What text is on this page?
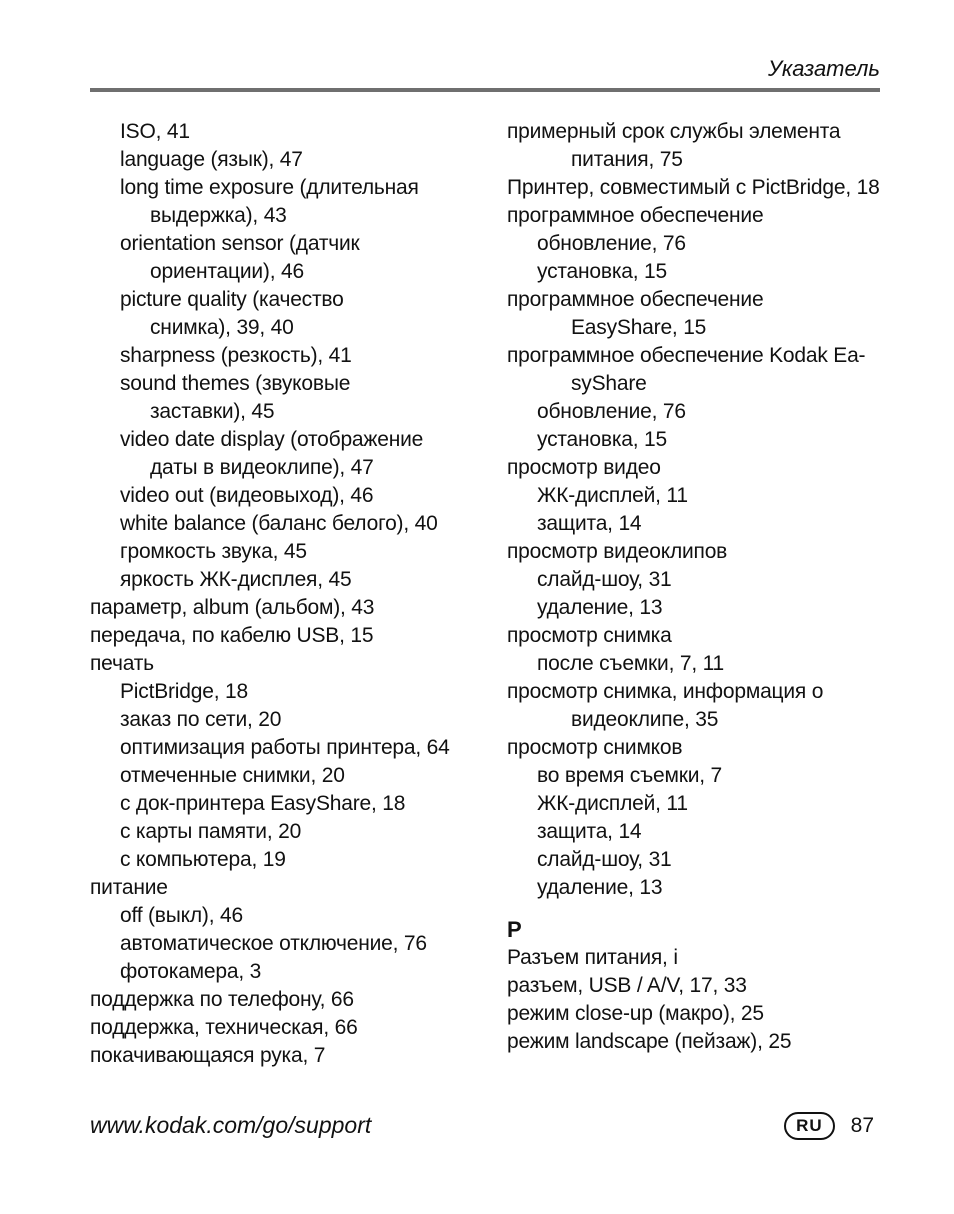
Указатель
ISO, 41
language (язык), 47
long time exposure (длительная
выдержка), 43
orientation sensor (датчик
ориентации), 46
picture quality (качество
снимка), 39, 40
sharpness (резкость), 41
sound themes (звуковые
заставки), 45
video date display (отображение
даты в видеоклипе), 47
video out (видеовыход), 46
white balance (баланс белого), 40
громкость звука, 45
яркость ЖК-дисплея, 45
параметр, album (альбом), 43
передача, по кабелю USB, 15
печать
PictBridge, 18
заказ по сети, 20
оптимизация работы принтера, 64
отмеченные снимки, 20
с док-принтера EasyShare, 18
с карты памяти, 20
с компьютера, 19
питание
off (выкл), 46
автоматическое отключение, 76
фотокамера, 3
поддержка по телефону, 66
поддержка, техническая, 66
покачивающаяся рука, 7
примерный срок службы элемента
питания, 75
Принтер, совместимый с PictBridge, 18
программное обеспечение
обновление, 76
установка, 15
программное обеспечение
EasyShare, 15
программное обеспечение Kodak Ea-
syShare
обновление, 76
установка, 15
просмотр видео
ЖК-дисплей, 11
защита, 14
просмотр видеоклипов
слайд-шоу, 31
удаление, 13
просмотр снимка
после съемки, 7, 11
просмотр снимка, информация о
видеоклипе, 35
просмотр снимков
во время съемки, 7
ЖК-дисплей, 11
защита, 14
слайд-шоу, 31
удаление, 13
Р
Разъем питания, i
разъем, USB / A/V, 17, 33
режим close-up (макро), 25
режим landscape (пейзаж), 25
www.kodak.com/go/support	RU	87
